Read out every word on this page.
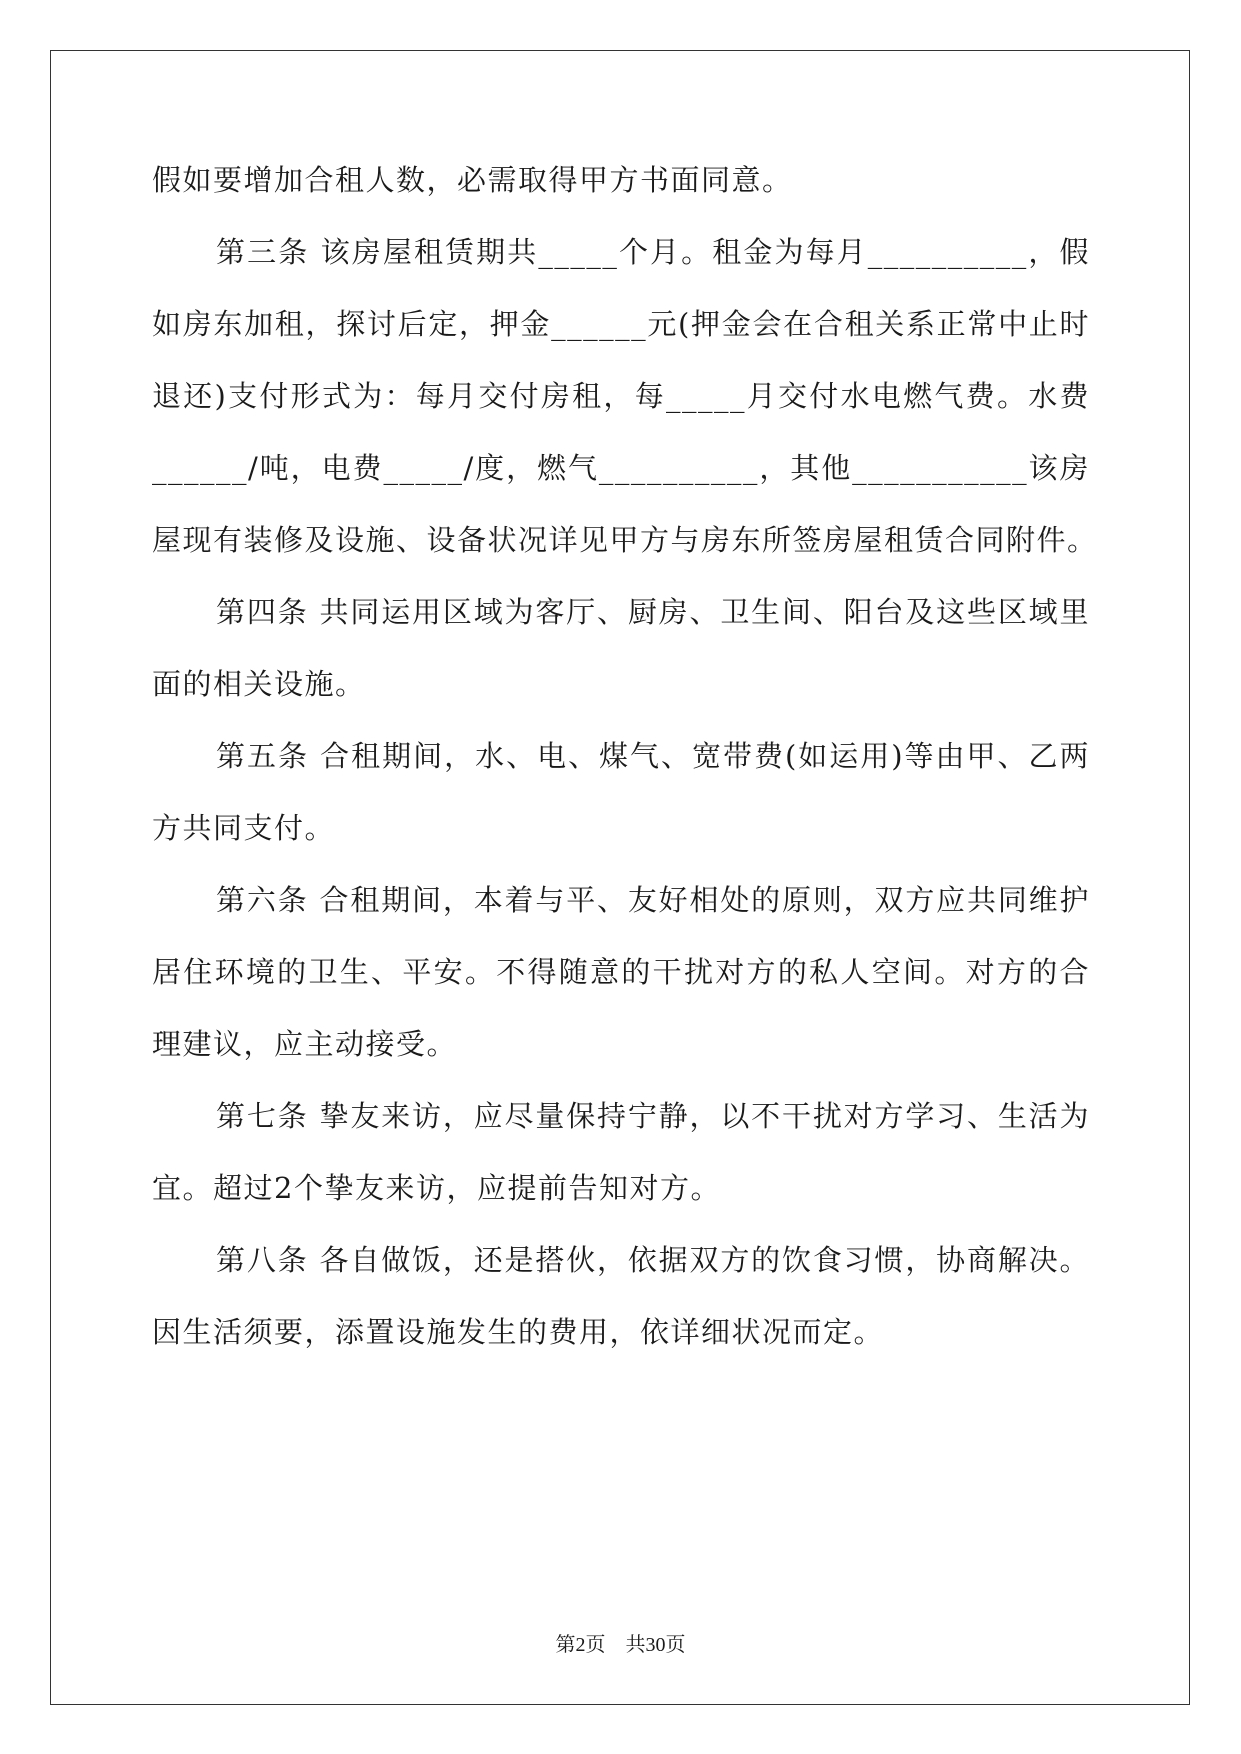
假如要增加合租人数，必需取得甲方书面同意。
第三条 该房屋租赁期共_____个月。租金为每月__________，假
如房东加租，探讨后定，押金______元(押金会在合租关系正常中止时
退还)支付形式为：每月交付房租，每_____月交付水电燃气费。水费
______/吨，电费_____/度，燃气__________，其他___________该房
屋现有装修及设施、设备状况详见甲方与房东所签房屋租赁合同附件。
第四条 共同运用区域为客厅、厨房、卫生间、阳台及这些区域里
面的相关设施。
第五条 合租期间，水、电、煤气、宽带费(如运用)等由甲、乙两
方共同支付。
第六条 合租期间，本着与平、友好相处的原则，双方应共同维护
居住环境的卫生、平安。不得随意的干扰对方的私人空间。对方的合
理建议，应主动接受。
第七条 挚友来访，应尽量保持宁静，以不干扰对方学习、生活为
宜。超过2个挚友来访，应提前告知对方。
第八条 各自做饭，还是搭伙，依据双方的饮食习惯，协商解决。
因生活须要，添置设施发生的费用，依详细状况而定。
第2页　共30页
